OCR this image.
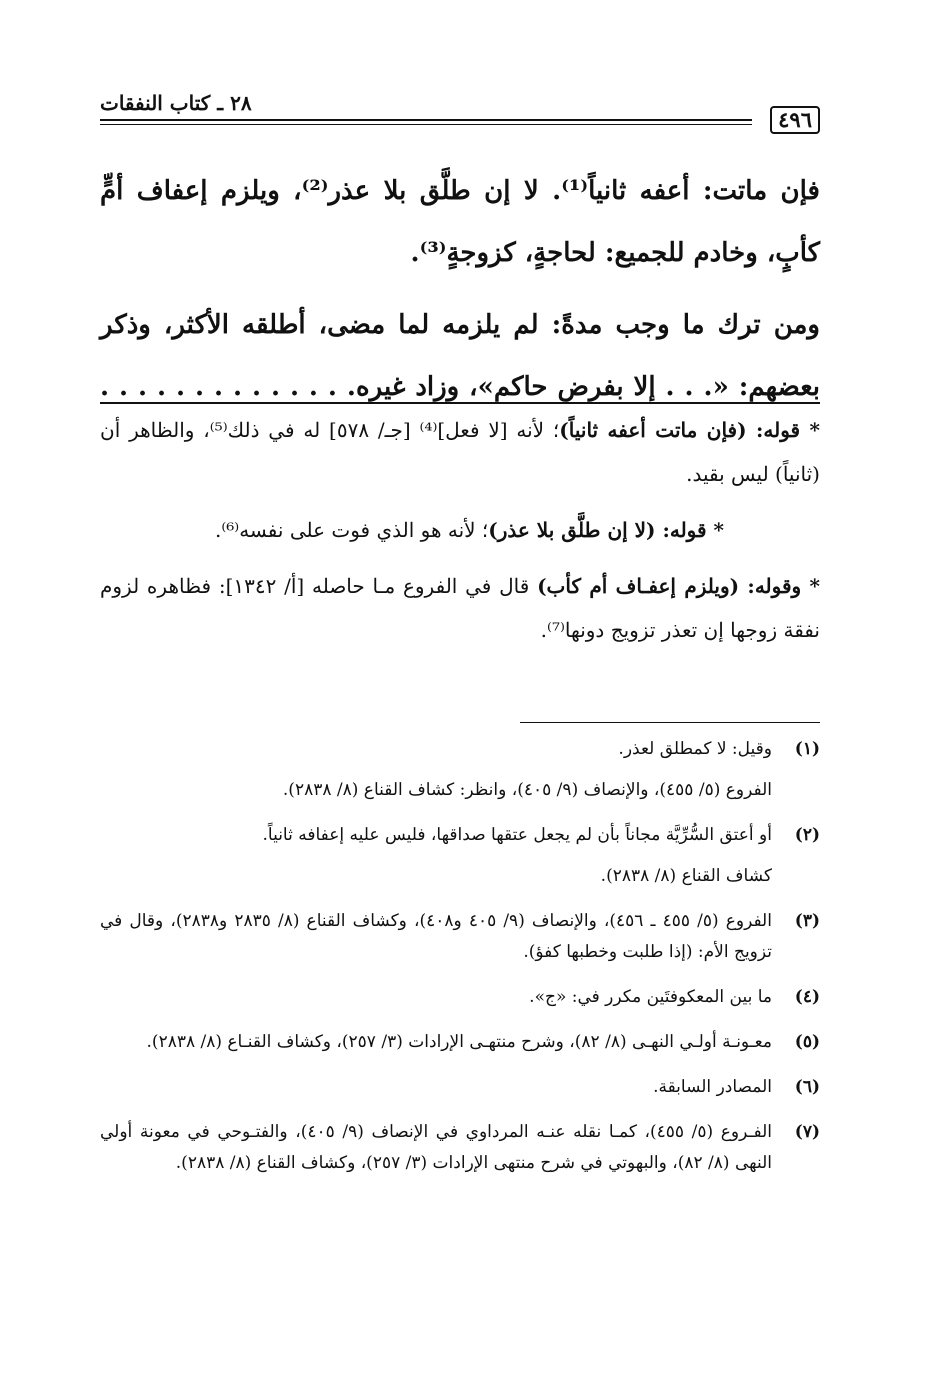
٤٩٦
٢٨ ـ كتاب النفقات

فإن ماتت: أعفه ثانياً⁽¹⁾. لا إن طلَّق بلا عذر⁽²⁾، ويلزم إعفاف أمٍّ كأبٍ، وخادم للجميع: لحاجةٍ، كزوجةٍ⁽³⁾.

ومن ترك ما وجب مدةً: لم يلزمه لما مضى، أطلقه الأكثر، وذكر بعضهم: «. . . إلا بفرض حاكم»، وزاد غيره. . . . . . . . . . . . . .

* قوله: (فإن ماتت أعفه ثانياً)؛ لأنه [لا فعل]⁽⁴⁾ [جـ/ ٥٧٨] له في ذلك⁽⁵⁾، والظاهر أن (ثانياً) ليس بقيد.

* قوله: (لا إن طلَّق بلا عذر)؛ لأنه هو الذي فوت على نفسه⁽⁶⁾.

* وقوله: (ويلزم إعفـاف أم كأب) قال في الفروع مـا حاصله [أ/ ١٣٤٢]: فظاهره لزوم نفقة زوجها إن تعذر تزويج دونها⁽⁷⁾.

(١)
وقيل: لا كمطلق لعذر.
الفروع (٥/ ٤٥٥)، والإنصاف (٩/ ٤٠٥)، وانظر: كشاف القناع (٨/ ٢٨٣٨).
(٢)
أو أعتق السُّرِّيَّة مجاناً بأن لم يجعل عتقها صداقها، فليس عليه إعفافه ثانياً.
كشاف القناع (٨/ ٢٨٣٨).
(٣)
الفروع (٥/ ٤٥٥ ـ ٤٥٦)، والإنصاف (٩/ ٤٠٥ و٤٠٨)، وكشاف القناع (٨/ ٢٨٣٥ و٢٨٣٨)، وقال في تزويج الأم: (إذا طلبت وخطبها كفؤ).
(٤)
ما بين المعكوفتَين مكرر في: «ج».
(٥)
معـونـة أولـي النهـى (٨/ ٨٢)، وشرح منتهـى الإرادات (٣/ ٢٥٧)، وكشاف القنـاع (٨/ ٢٨٣٨).
(٦)
المصادر السابقة.
(٧)
الفـروع (٥/ ٤٥٥)، كمـا نقله عنـه المرداوي في الإنصاف (٩/ ٤٠٥)، والفتـوحي في معونة أولي النهى (٨/ ٨٢)، والبهوتي في شرح منتهى الإرادات (٣/ ٢٥٧)، وكشاف القناع (٨/ ٢٨٣٨).
